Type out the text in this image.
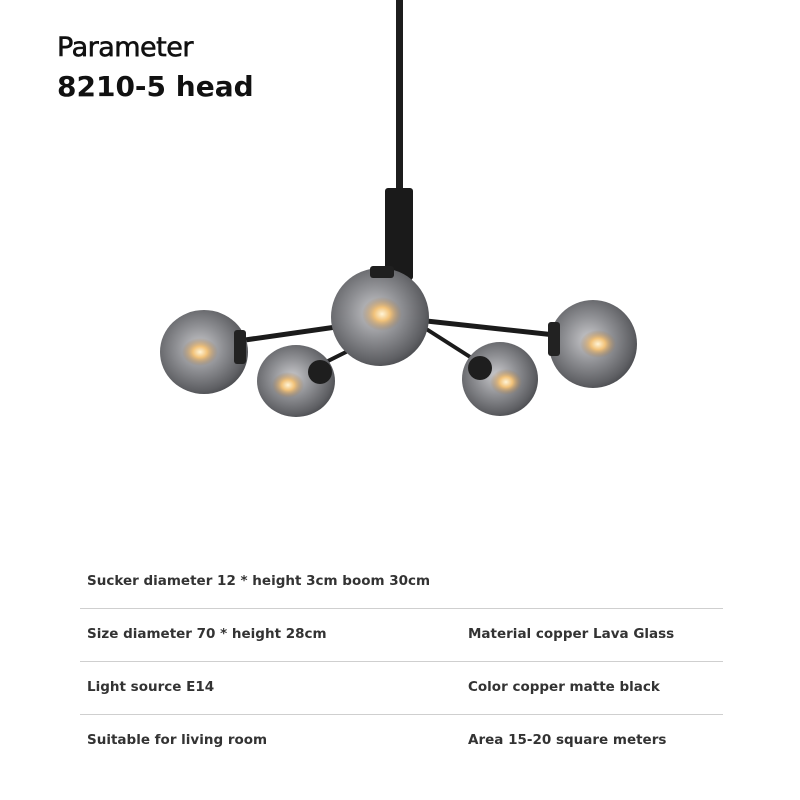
Parameter
8210-5 head
Sucker diameter 12 * height 3cm boom 30cm
Size diameter 70 * height 28cm	Material copper Lava Glass
Light source E14	Color copper matte black
Suitable for living room	Area 15-20 square meters
